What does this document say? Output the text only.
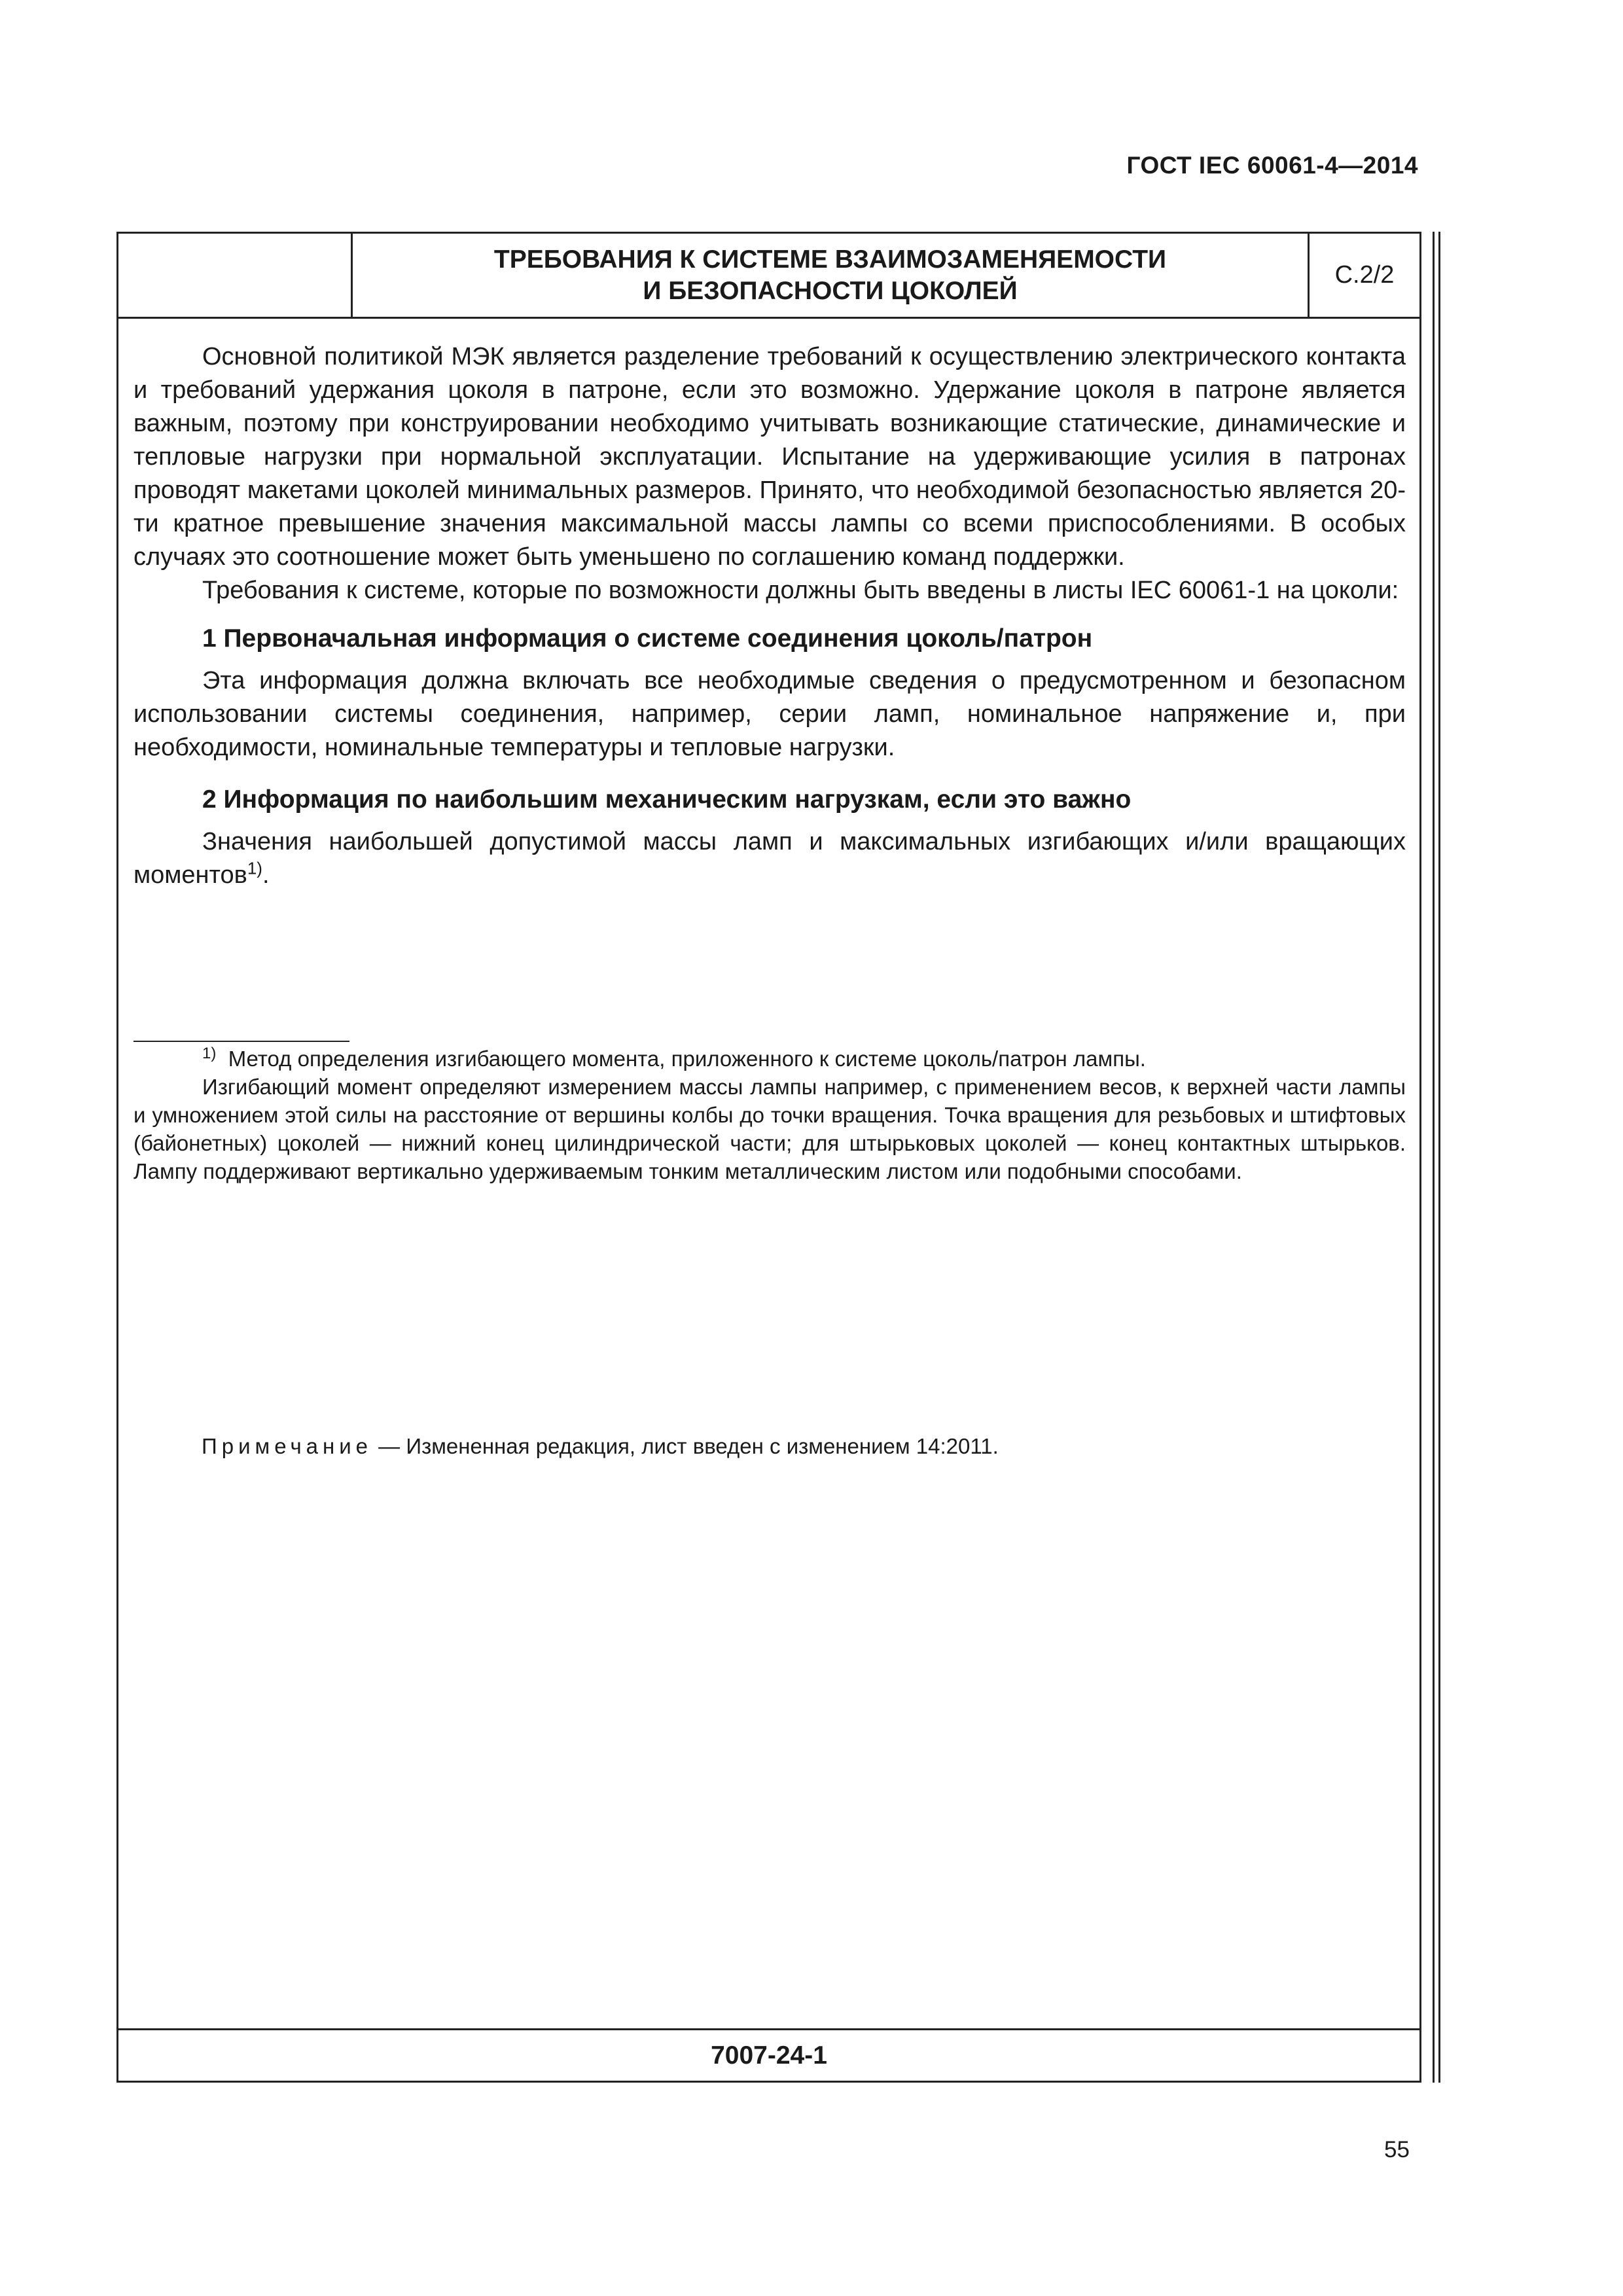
ГОСТ IEC 60061-4—2014
ТРЕБОВАНИЯ К СИСТЕМЕ ВЗАИМОЗАМЕНЯЕМОСТИ
И БЕЗОПАСНОСТИ ЦОКОЛЕЙ
С.2/2
7007-24-1

Основной политикой МЭК является разделение требований к осуществлению электрического контакта и требований удержания цоколя в патроне, если это возможно. Удержание цоколя в патроне является важным, поэтому при конструировании необходимо учитывать возникающие статические, динамические и тепловые нагрузки при нормальной эксплуатации. Испытание на удерживающие усилия в патронах проводят макетами цоколей минимальных размеров. Принято, что необходимой безопасностью является 20-ти кратное превышение значения максимальной массы лампы со всеми приспособлениями. В особых случаях это соотношение может быть уменьшено по соглашению команд поддержки.

Требования к системе, которые по возможности должны быть введены в листы IEC 60061-1 на цоколи:

1 Первоначальная информация о системе соединения цоколь/патрон

Эта информация должна включать все необходимые сведения о предусмотренном и безопасном использовании системы соединения, например, серии ламп, номинальное напряжение и, при необходимости, номинальные температуры и тепловые нагрузки.

2 Информация по наибольшим механическим нагрузкам, если это важно

Значения наибольшей допустимой массы ламп и максимальных изгибающих и/или вращающих моментов$^{1)}$.

$^{1)}$ Метод определения изгибающего момента, приложенного к системе цоколь/патрон лампы.

Изгибающий момент определяют измерением массы лампы например, с применением весов, к верхней части лампы и умножением этой силы на расстояние от вершины колбы до точки вращения. Точка вращения для резьбовых и штифтовых (байонетных) цоколей — нижний конец цилиндрической части; для штырьковых цоколей — конец контактных штырьков. Лампу поддерживают вертикально удерживаемым тонким металлическим листом или подобными способами.

Примечание — Измененная редакция, лист введен с изменением 14:2011.
55
